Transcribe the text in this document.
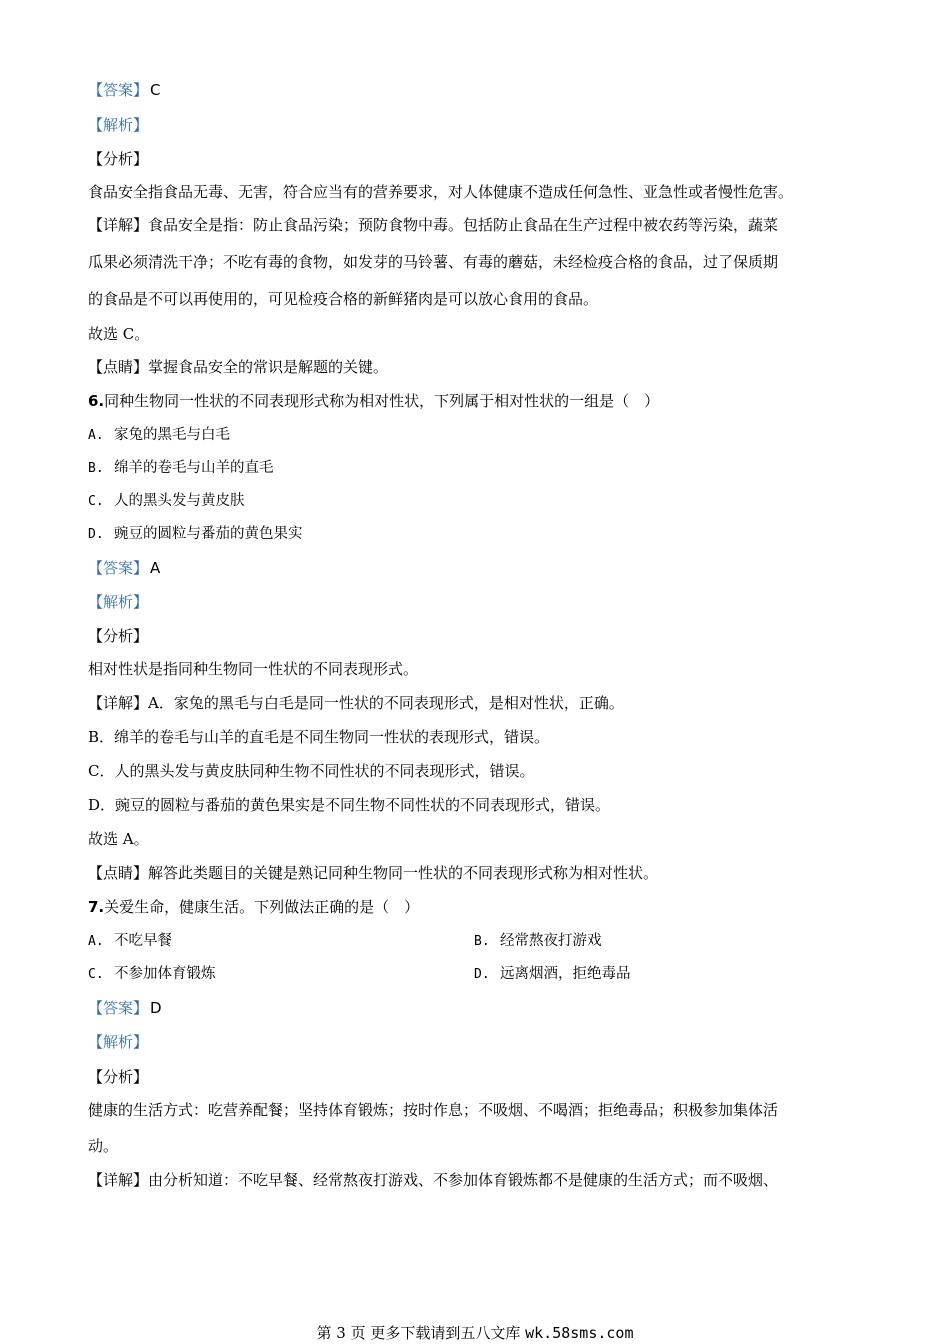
【答案】 C
【解析】
【分析】
食品安全指食品无毒、无害，符合应当有的营养要求，对人体健康不造成任何急性、亚急性或者慢性危害。
【详解】食品安全是指：防止食品污染；预防食物中毒。包括防止食品在生产过程中被农药等污染，蔬菜
瓜果必须清洗干净；不吃有毒的食物，如发芽的马铃薯、有毒的蘑菇，未经检疫合格的食品，过了保质期
的食品是不可以再使用的，可见检疫合格的新鲜猪肉是可以放心食用的食品。
故选 C。
【点睛】掌握食品安全的常识是解题的关键。
6.同种生物同一性状的不同表现形式称为相对性状，下列属于相对性状的一组是（　）
A. 家兔的黑毛与白毛
B. 绵羊的卷毛与山羊的直毛
C. 人的黑头发与黄皮肤
D. 豌豆的圆粒与番茄的黄色果实
【答案】 A
【解析】
【分析】
相对性状是指同种生物同一性状的不同表现形式。
【详解】A．家兔的黑毛与白毛是同一性状的不同表现形式，是相对性状，正确。
B．绵羊的卷毛与山羊的直毛是不同生物同一性状的表现形式，错误。
C．人的黑头发与黄皮肤同种生物不同性状的不同表现形式，错误。
D．豌豆的圆粒与番茄的黄色果实是不同生物不同性状的不同表现形式，错误。
故选 A。
【点睛】解答此类题目的关键是熟记同种生物同一性状的不同表现形式称为相对性状。
7.关爱生命，健康生活。下列做法正确的是（　）
A. 不吃早餐	B. 经常熬夜打游戏
C. 不参加体育锻炼	D. 远离烟酒，拒绝毒品
【答案】 D
【解析】
【分析】
健康的生活方式：吃营养配餐；坚持体育锻炼；按时作息；不吸烟、不喝酒；拒绝毒品；积极参加集体活
动。
【详解】由分析知道：不吃早餐、经常熬夜打游戏、不参加体育锻炼都不是健康的生活方式；而不吸烟、
第 3 页 更多下载请到五八文库 wk.58sms.com
